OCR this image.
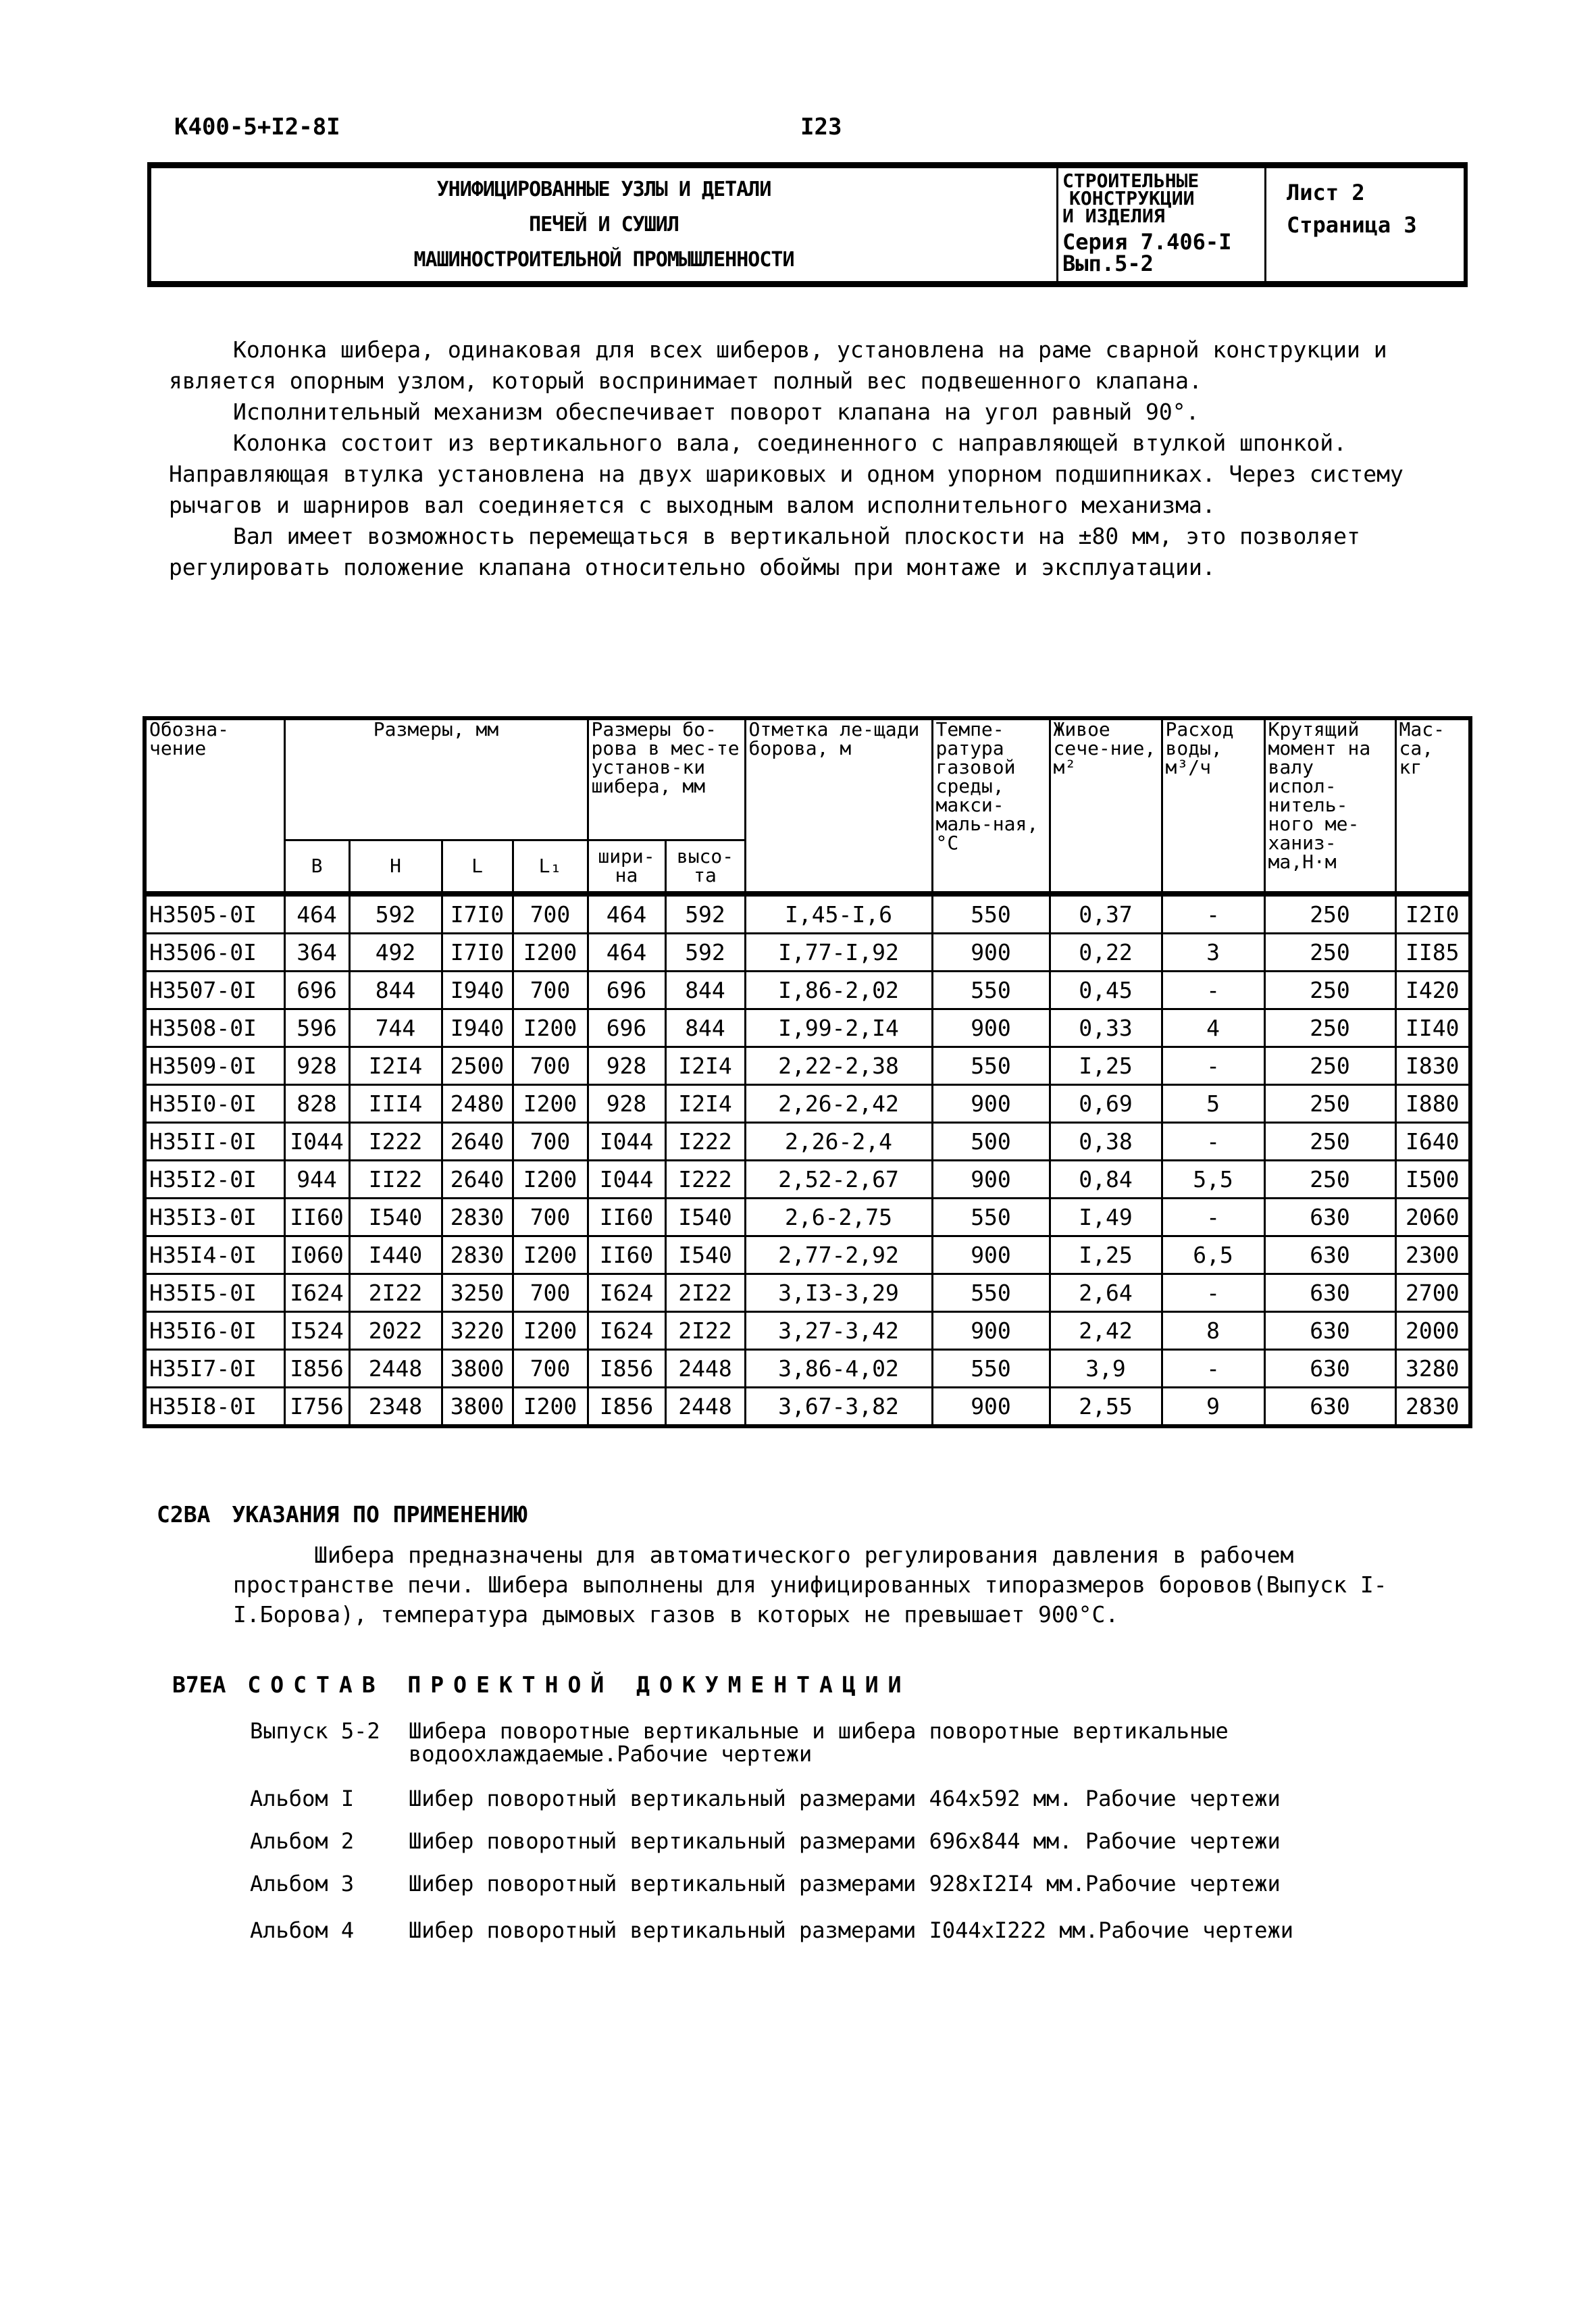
К400-5+I2-8I	I23
УНИФИЦИРОВАННЫЕ УЗЛЫ И ДЕТАЛИ
ПЕЧЕЙ И СУШИЛ
МАШИНОСТРОИТЕЛЬНОЙ ПРОМЫШЛЕННОСТИ
СТРОИТЕЛЬНЫЕ
КОНСТРУКЦИИ
И ИЗДЕЛИЯ
Серия 7.406-I
Вып.5-2
Лист 2
Страница 3

Колонка шибера, одинаковая для всех шиберов, установлена на раме сварной конструкции и является опорным узлом, который воспринимает полный вес подвешенного клапана.

Исполнительный механизм обеспечивает поворот клапана на угол равный 90°.

Колонка состоит из вертикального вала, соединенного с направляющей втулкой шпонкой. Направляющая втулка установлена на двух шариковых и одном упорном подшипниках. Через систему рычагов и шарниров вал соединяется с выходным валом исполнительного механизма.

Вал имеет возможность перемещаться в вертикальной плоскости на ±80 мм, это позволяет регулировать положение клапана относительно обоймы при монтаже и эксплуатации.

Обозна-чение	Размеры, мм				Размеры бо-рова в мес-те установ-ки шибера, мм		Отметка ле-щади борова, м	Темпе-ратура газовой среды, макси-маль-ная, °С	Живое сече-ние, м²	Расход воды, м³/ч	Крутящий момент на валу испол-нитель-ного ме-ханиз-ма,Н·м	Мас-са, кг
	B	H	L	L₁	шири-на	высо-та						
Н3505-0I	464	592	I7I0	700	464	592	I,45-I,6	550	0,37	-	250	I2I0
Н3506-0I	364	492	I7I0	I200	464	592	I,77-I,92	900	0,22	3	250	II85
Н3507-0I	696	844	I940	700	696	844	I,86-2,02	550	0,45	-	250	I420
Н3508-0I	596	744	I940	I200	696	844	I,99-2,I4	900	0,33	4	250	II40
Н3509-0I	928	I2I4	2500	700	928	I2I4	2,22-2,38	550	I,25	-	250	I830
Н35I0-0I	828	III4	2480	I200	928	I2I4	2,26-2,42	900	0,69	5	250	I880
Н35II-0I	I044	I222	2640	700	I044	I222	2,26-2,4	500	0,38	-	250	I640
Н35I2-0I	944	II22	2640	I200	I044	I222	2,52-2,67	900	0,84	5,5	250	I500
Н35I3-0I	II60	I540	2830	700	II60	I540	2,6-2,75	550	I,49	-	630	2060
Н35I4-0I	I060	I440	2830	I200	II60	I540	2,77-2,92	900	I,25	6,5	630	2300
Н35I5-0I	I624	2I22	3250	700	I624	2I22	3,I3-3,29	550	2,64	-	630	2700
Н35I6-0I	I524	2022	3220	I200	I624	2I22	3,27-3,42	900	2,42	8	630	2000
Н35I7-0I	I856	2448	3800	700	I856	2448	3,86-4,02	550	3,9	-	630	3280
Н35I8-0I	I756	2348	3800	I200	I856	2448	3,67-3,82	900	2,55	9	630	2830
С2ВА УКАЗАНИЯ ПО ПРИМЕНЕНИЮ
Шибера предназначены для автоматического регулирования давления в рабочем пространстве печи. Шибера выполнены для унифицированных типоразмеров боровов(Выпуск I-I.Борова), температура дымовых газов в которых не превышает 900°С.
В7ЕА СОСТАВ ПРОЕКТНОЙ ДОКУМЕНТАЦИИ
Выпуск 5-2 Шибера поворотные вертикальные и шибера поворотные вертикальные водоохлаждаемые.Рабочие чертежи
Альбом I	Шибер поворотный вертикальный размерами 464х592 мм. Рабочие чертежи
Альбом 2	Шибер поворотный вертикальный размерами 696х844 мм. Рабочие чертежи
Альбом 3	Шибер поворотный вертикальный размерами 928хI2I4 мм.Рабочие чертежи
Альбом 4	Шибер поворотный вертикальный размерами I044хI222 мм.Рабочие чертежи
